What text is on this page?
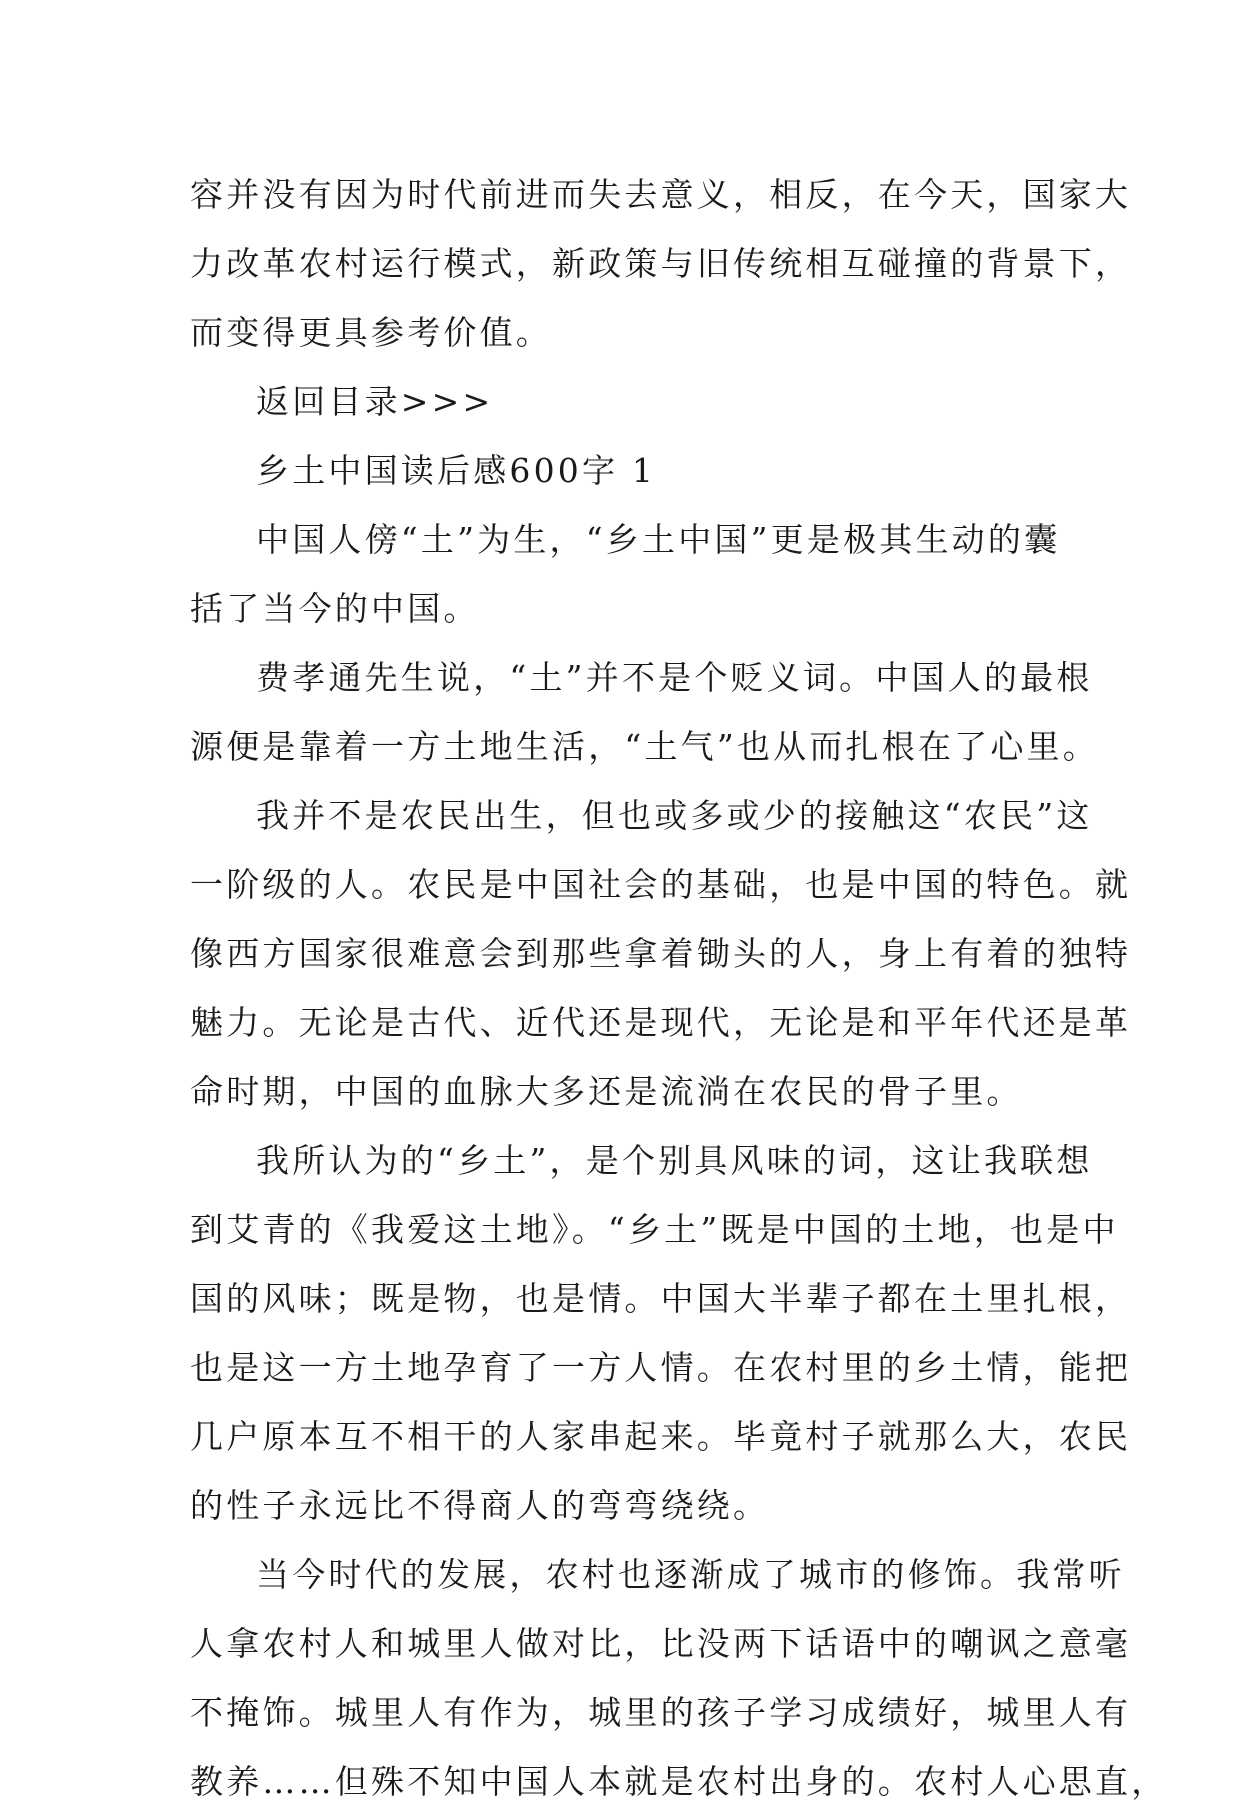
容并没有因为时代前进而失去意义，相反，在今天，国家大
力改革农村运行模式，新政策与旧传统相互碰撞的背景下，
而变得更具参考价值。
返回目录>>>
乡土中国读后感600字 1
中国人傍“土”为生，“乡土中国”更是极其生动的囊
括了当今的中国。
费孝通先生说，“土”并不是个贬义词。中国人的最根
源便是靠着一方土地生活，“土气”也从而扎根在了心里。
我并不是农民出生，但也或多或少的接触这“农民”这
一阶级的人。农民是中国社会的基础，也是中国的特色。就
像西方国家很难意会到那些拿着锄头的人，身上有着的独特
魅力。无论是古代、近代还是现代，无论是和平年代还是革
命时期，中国的血脉大多还是流淌在农民的骨子里。
我所认为的“乡土”，是个别具风味的词，这让我联想
到艾青的《我爱这土地》。“乡土”既是中国的土地，也是中
国的风味；既是物，也是情。中国大半辈子都在土里扎根，
也是这一方土地孕育了一方人情。在农村里的乡土情，能把
几户原本互不相干的人家串起来。毕竟村子就那么大，农民
的性子永远比不得商人的弯弯绕绕。
当今时代的发展，农村也逐渐成了城市的修饰。我常听
人拿农村人和城里人做对比，比没两下话语中的嘲讽之意毫
不掩饰。城里人有作为，城里的孩子学习成绩好，城里人有
教养……但殊不知中国人本就是农村出身的。农村人心思直，
